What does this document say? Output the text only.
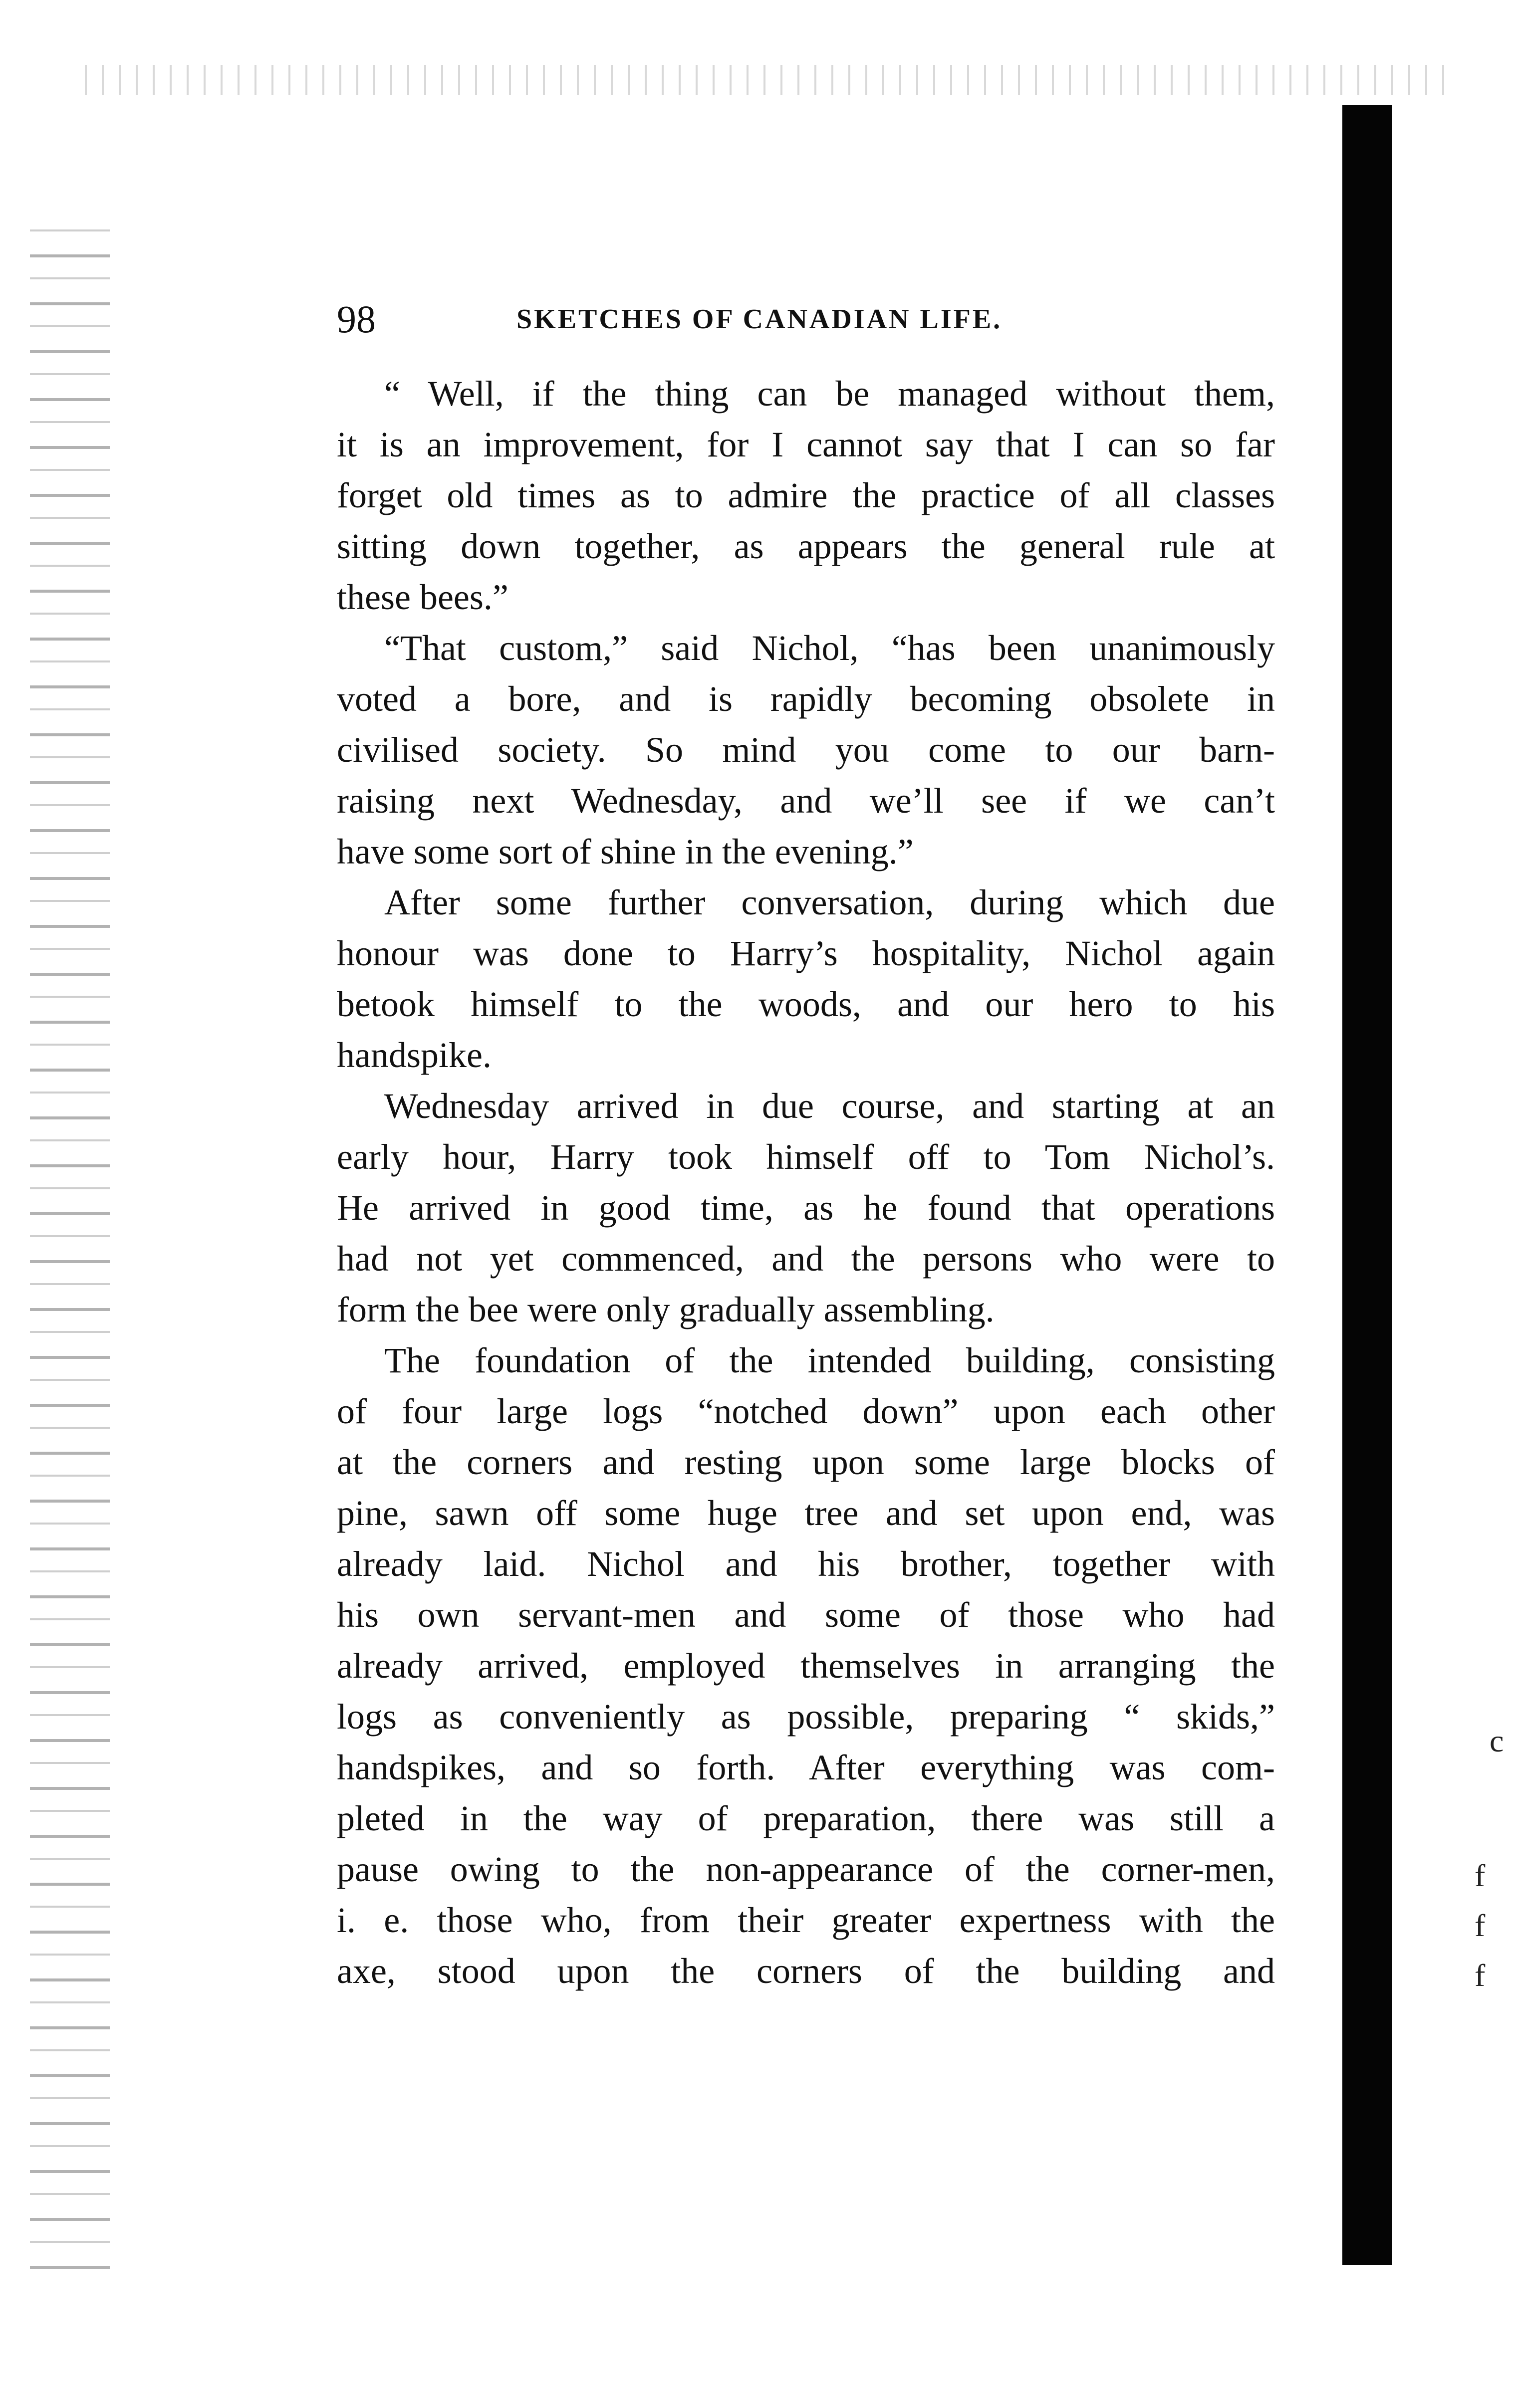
98	SKETCHES OF CANADIAN LIFE.
“ Well, if the thing can be managed without them,
it is an improvement, for I cannot say that I can so far
forget old times as to admire the practice of all classes
sitting down together, as appears the general rule at
these bees.”
“That custom,” said Nichol, “has been unanimously
voted a bore, and is rapidly becoming obsolete in
civilised society. So mind you come to our barn-
raising next Wednesday, and we’ll see if we can’t
have some sort of shine in the evening.”
After some further conversation, during which due
honour was done to Harry’s hospitality, Nichol again
betook himself to the woods, and our hero to his
handspike.
Wednesday arrived in due course, and starting at an
early hour, Harry took himself off to Tom Nichol’s.
He arrived in good time, as he found that operations
had not yet commenced, and the persons who were to
form the bee were only gradually assembling.
The foundation of the intended building, consisting
of four large logs “notched down” upon each other
at the corners and resting upon some large blocks of
pine, sawn off some huge tree and set upon end, was
already laid. Nichol and his brother, together with
his own servant-men and some of those who had
already arrived, employed themselves in arranging the
logs as conveniently as possible, preparing “ skids,”
handspikes, and so forth. After everything was com-
pleted in the way of preparation, there was still a
pause owing to the non-appearance of the corner-men,
i. e. those who, from their greater expertness with the
axe, stood upon the corners of the building and
c
f
f
f
